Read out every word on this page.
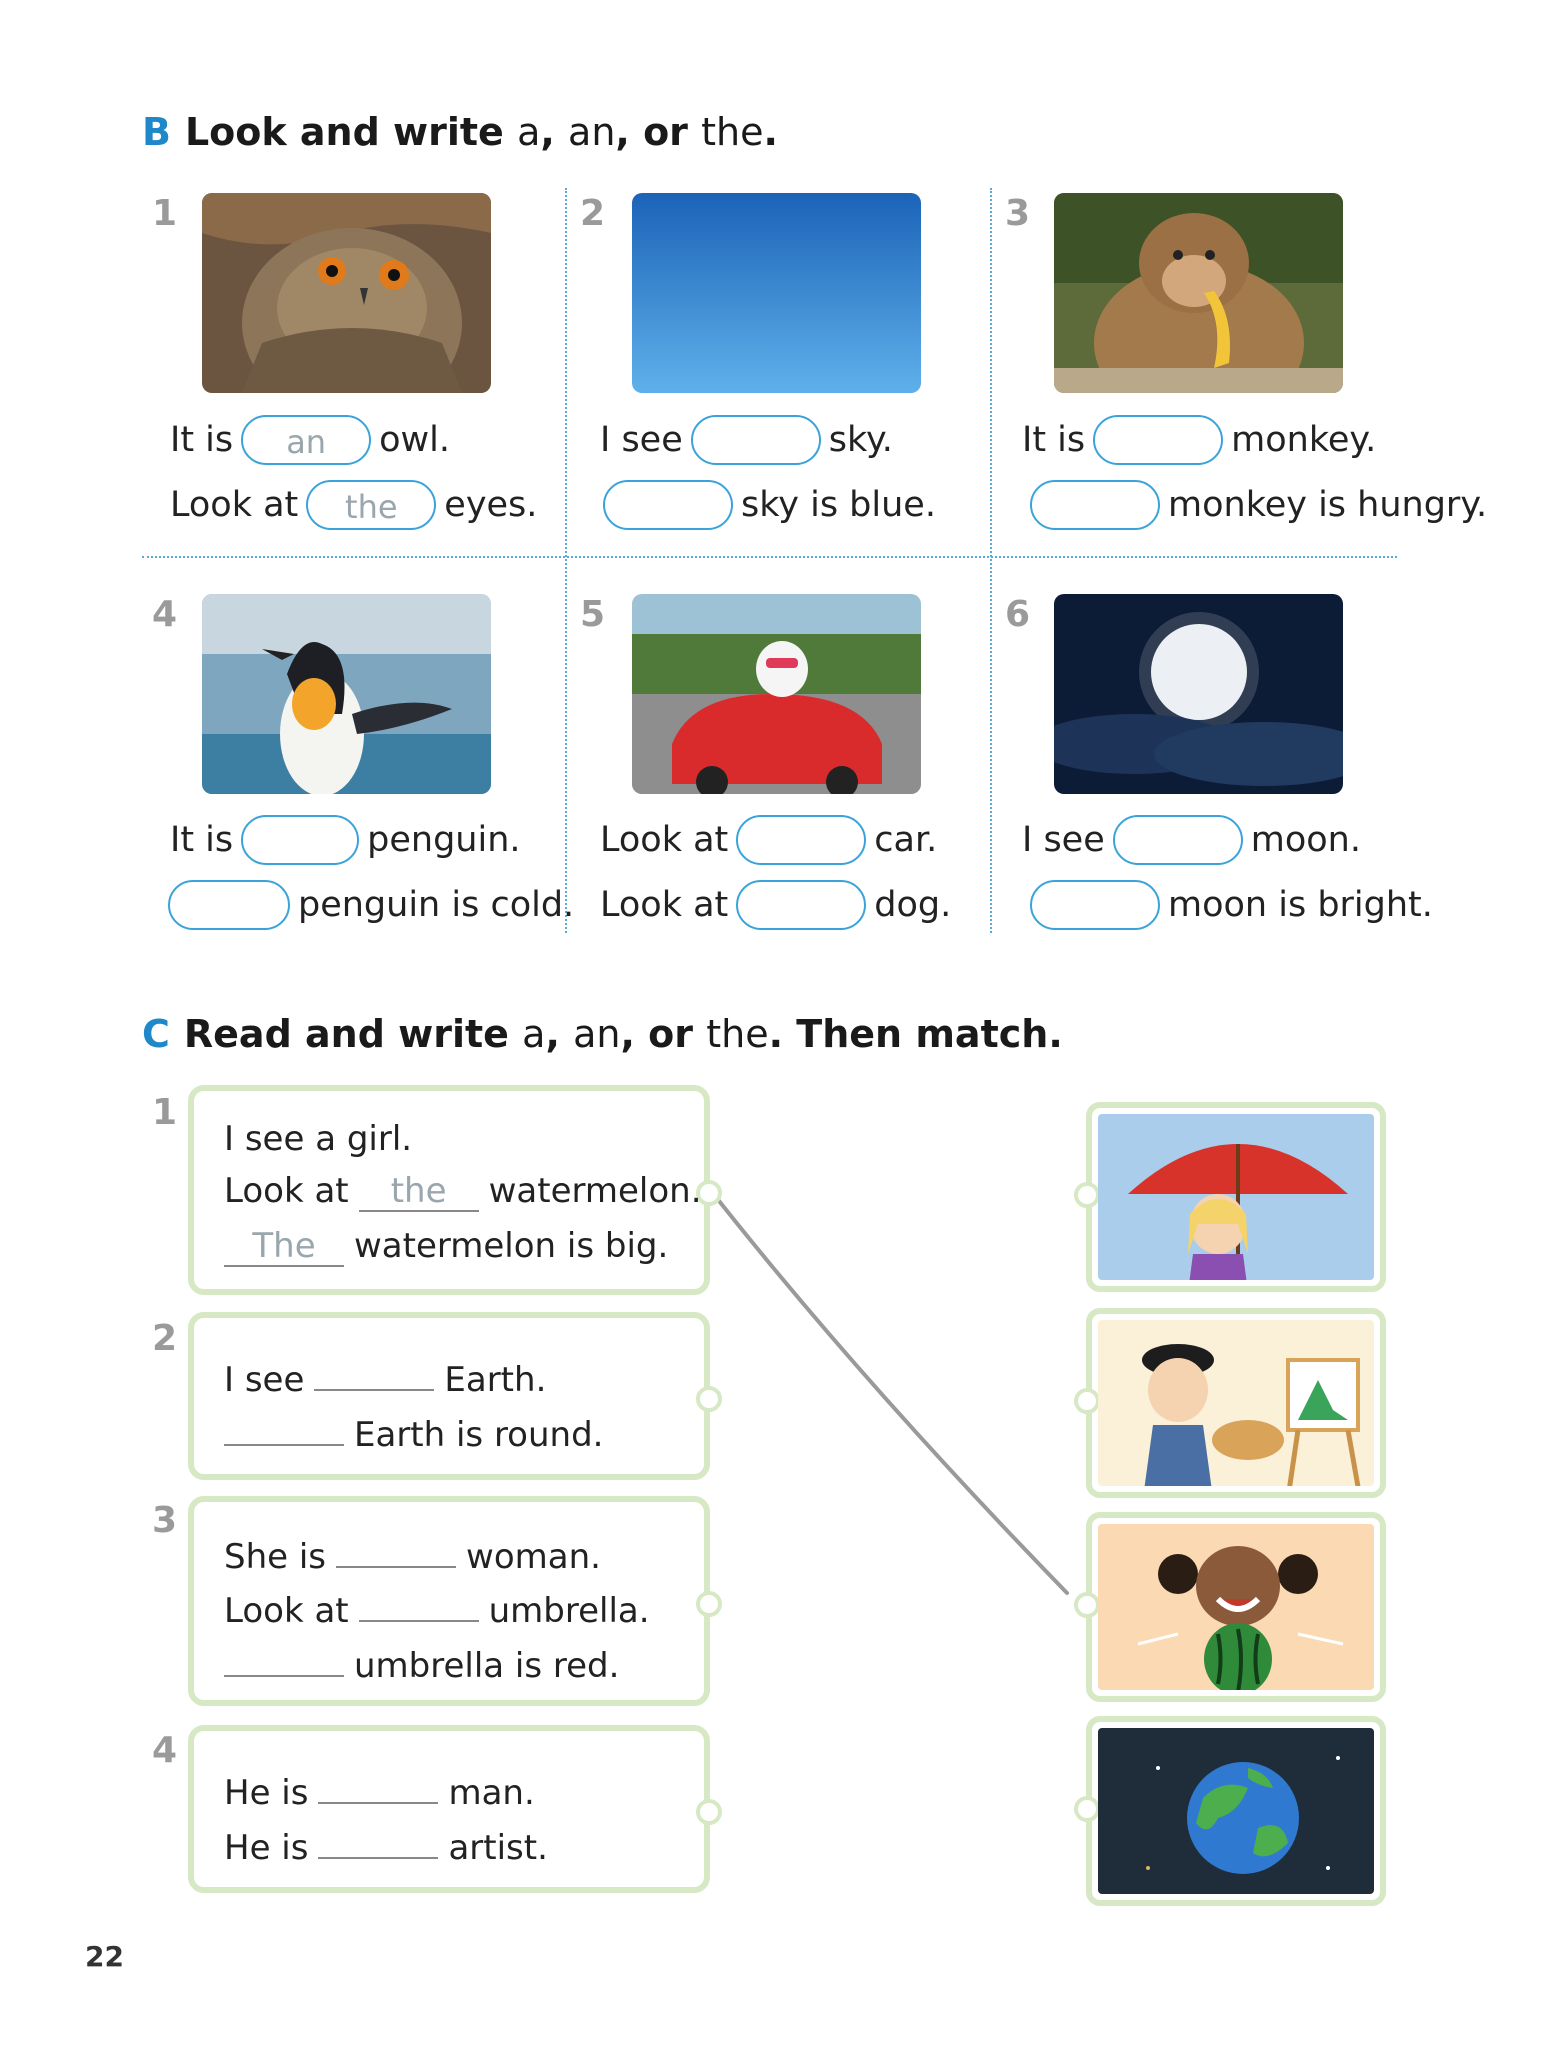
B Look and write a, an, or the.
1
It is	an	owl.
Look at	the	eyes.
2
I see	sky.
sky is blue.
3
It is	monkey.
monkey is hungry.
4
It is	penguin.
penguin is cold.
5
Look at	car.
Look at	dog.
6
I see	moon.
moon is bright.
C Read and write a, an, or the. Then match.
1
I see a girl.
Look at	the	watermelon.
The	watermelon is big.
2
I see	Earth.
Earth is round.
3
She is	woman.
Look at	umbrella.
umbrella is red.
4
He is	man.
He is	artist.
22
